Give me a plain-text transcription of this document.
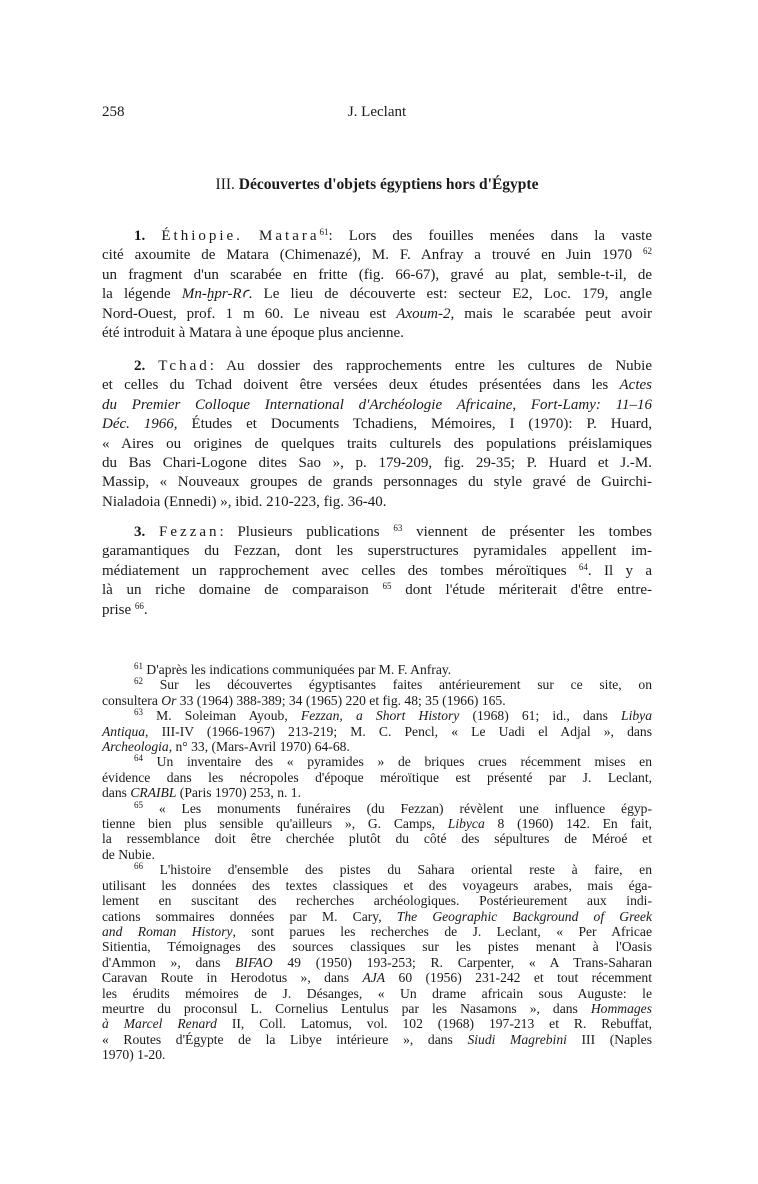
258	J. Leclant
III. Découvertes d'objets égyptiens hors d'Égypte
1. Éthiopie. Matara$^{61}$: Lors des fouilles menées dans la vaste
cité axoumite de Matara (Chimenazé), M. F. Anfray a trouvé en Juin 1970 $^{62}$
un fragment d'un scarabée en fritte (fig. 66-67), gravé au plat, semble-t-il, de
la légende Mn-ḫpr-Rꜥ. Le lieu de découverte est: secteur E2, Loc. 179, angle
Nord-Ouest, prof. 1 m 60. Le niveau est Axoum-2, mais le scarabée peut avoir
été introduit à Matara à une époque plus ancienne.
2. Tchad: Au dossier des rapprochements entre les cultures de Nubie
et celles du Tchad doivent être versées deux études présentées dans les Actes
du Premier Colloque International d'Archéologie Africaine, Fort-Lamy: 11–16
Déc. 1966, Études et Documents Tchadiens, Mémoires, I (1970): P. Huard,
« Aires ou origines de quelques traits culturels des populations préislamiques
du Bas Chari-Logone dites Sao », p. 179-209, fig. 29-35; P. Huard et J.-M.
Massip, « Nouveaux groupes de grands personnages du style gravé de Guirchi-
Nialadoia (Ennedi) », ibid. 210-223, fig. 36-40.
3. Fezzan: Plusieurs publications $^{63}$ viennent de présenter les tombes
garamantiques du Fezzan, dont les superstructures pyramidales appellent im-
médiatement un rapprochement avec celles des tombes méroïtiques $^{64}$. Il y a
là un riche domaine de comparaison $^{65}$ dont l'étude mériterait d'être entre-
prise $^{66}$.
$^{61}$ D'après les indications communiquées par M. F. Anfray.
$^{62}$ Sur les découvertes égyptisantes faites antérieurement sur ce site, on
consultera Or 33 (1964) 388-389; 34 (1965) 220 et fig. 48; 35 (1966) 165.
$^{63}$ M. Soleiman Ayoub, Fezzan, a Short History (1968) 61; id., dans Libya
Antiqua, III-IV (1966-1967) 213-219; M. C. Pencl, « Le Uadi el Adjal », dans
Archeologia, n° 33, (Mars-Avril 1970) 64-68.
$^{64}$ Un inventaire des « pyramides » de briques crues récemment mises en
évidence dans les nécropoles d'époque méroïtique est présenté par J. Leclant,
dans CRAIBL (Paris 1970) 253, n. 1.
$^{65}$ « Les monuments funéraires (du Fezzan) révèlent une influence égyp-
tienne bien plus sensible qu'ailleurs », G. Camps, Libyca 8 (1960) 142. En fait,
la ressemblance doit être cherchée plutôt du côté des sépultures de Méroé et
de Nubie.
$^{66}$ L'histoire d'ensemble des pistes du Sahara oriental reste à faire, en
utilisant les données des textes classiques et des voyageurs arabes, mais éga-
lement en suscitant des recherches archéologiques. Postérieurement aux indi-
cations sommaires données par M. Cary, The Geographic Background of Greek
and Roman History, sont parues les recherches de J. Leclant, « Per Africae
Sitientia, Témoignages des sources classiques sur les pistes menant à l'Oasis
d'Ammon », dans BIFAO 49 (1950) 193-253; R. Carpenter, « A Trans-Saharan
Caravan Route in Herodotus », dans AJA 60 (1956) 231-242 et tout récemment
les érudits mémoires de J. Désanges, « Un drame africain sous Auguste: le
meurtre du proconsul L. Cornelius Lentulus par les Nasamons », dans Hommages
à Marcel Renard II, Coll. Latomus, vol. 102 (1968) 197-213 et R. Rebuffat,
« Routes d'Égypte de la Libye intérieure », dans Siudi Magrebini III (Naples
1970) 1-20.
